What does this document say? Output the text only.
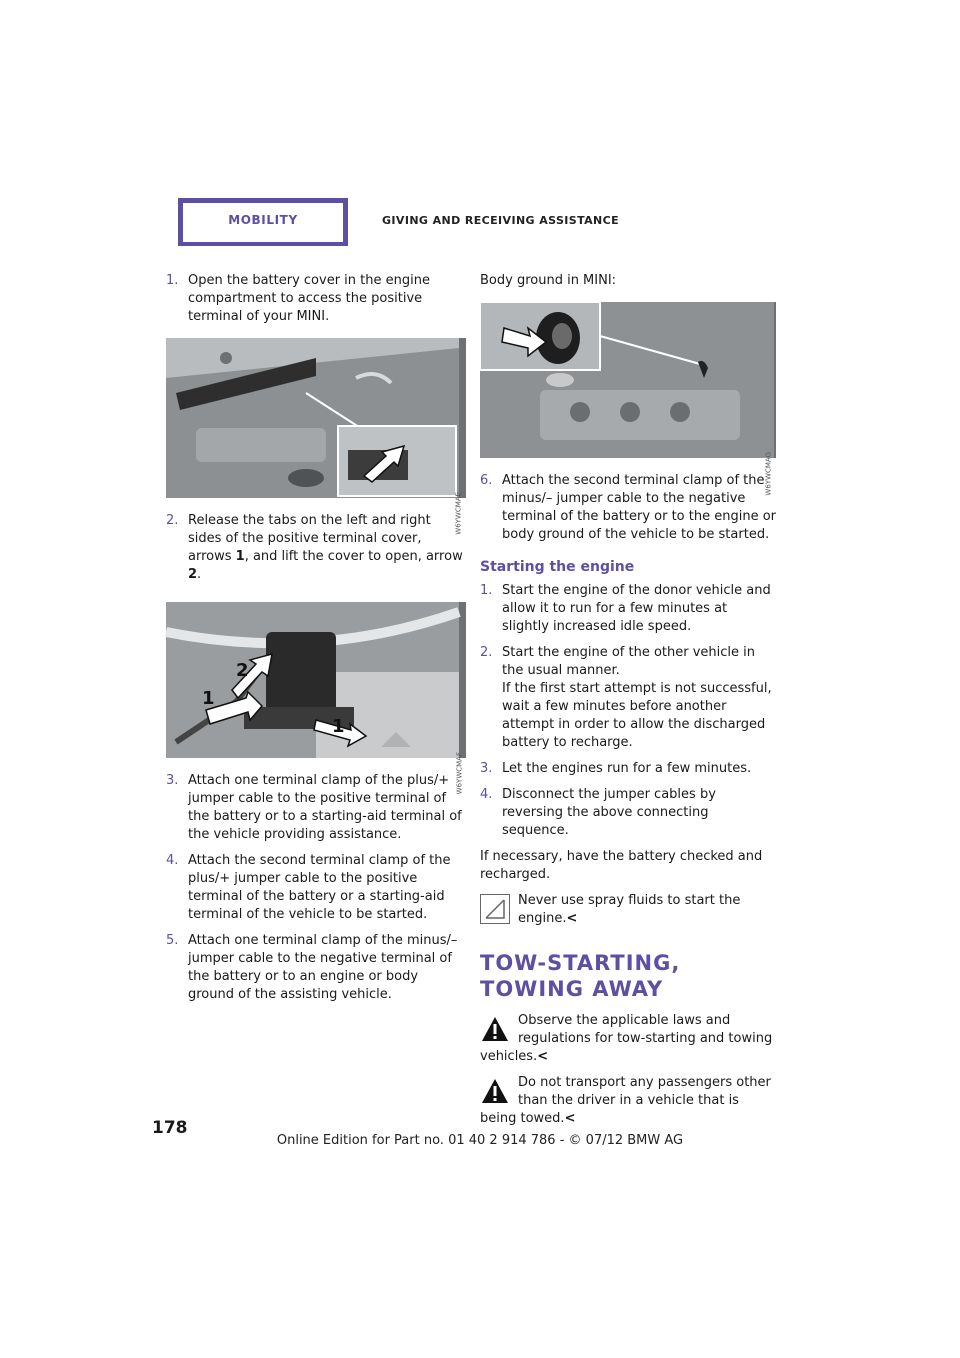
MOBILITY	GIVING AND RECEIVING ASSISTANCE
1. Open the battery cover in the engine compartment to access the positive terminal of your MINI.
W6YWCMAE
2. Release the tabs on the left and right sides of the positive terminal cover, arrows 1, and lift the cover to open, arrow 2.
1
2
1
W6YWCMAF
3. Attach one terminal clamp of the plus/+ jumper cable to the positive terminal of the battery or to a starting-aid terminal of the vehicle providing assistance.
4. Attach the second terminal clamp of the plus/+ jumper cable to the positive terminal of the battery or a starting-aid terminal of the vehicle to be started.
5. Attach one terminal clamp of the minus/– jumper cable to the negative terminal of the battery or to an engine or body ground of the assisting vehicle.
Body ground in MINI:
W6YWCMAG
6. Attach the second terminal clamp of the minus/– jumper cable to the negative terminal of the battery or to the engine or body ground of the vehicle to be started.
Starting the engine
1. Start the engine of the donor vehicle and allow it to run for a few minutes at slightly increased idle speed.
2. Start the engine of the other vehicle in the usual manner.
If the first start attempt is not successful, wait a few minutes before another attempt in order to allow the discharged battery to recharge.
3. Let the engines run for a few minutes.
4. Disconnect the jumper cables by reversing the above connecting sequence.
If necessary, have the battery checked and recharged.
Never use spray fluids to start the engine.<
TOW-STARTING, TOWING AWAY
Observe the applicable laws and regulations for tow-starting and towing vehicles.<
Do not transport any passengers other than the driver in a vehicle that is being towed.<
178
Online Edition for Part no. 01 40 2 914 786 - © 07/12 BMW AG
